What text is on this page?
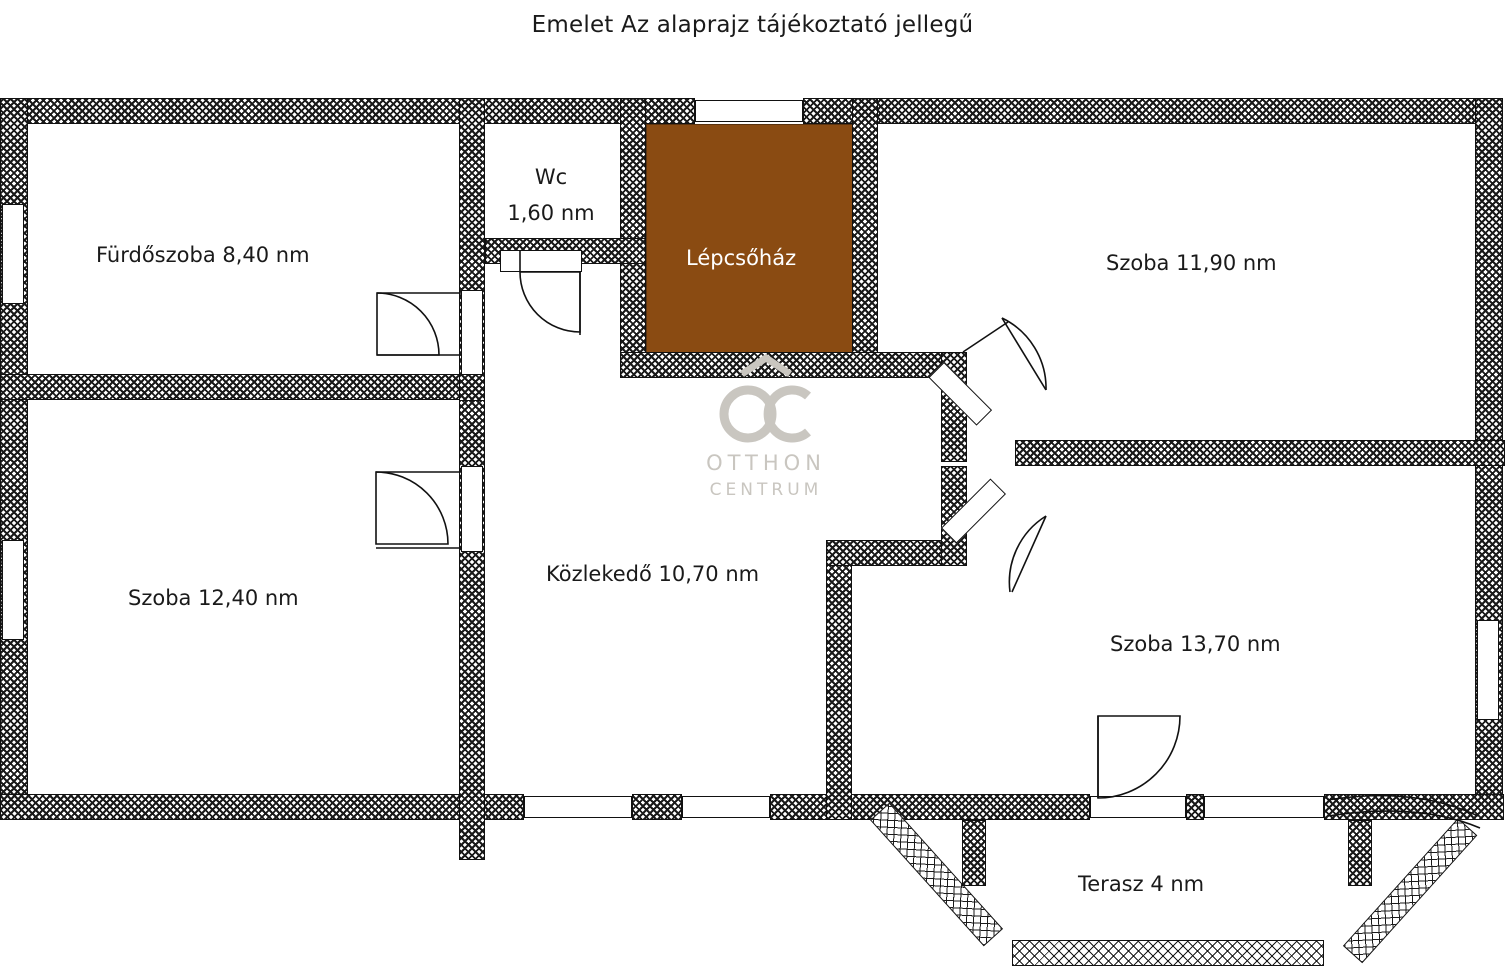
Emelet Az alaprajz tájékoztató jellegű
OTTHON
CENTRUM
Fürdőszoba 8,40 nm
Wc
1,60 nm
Lépcsőház	Szoba 11,90 nm
Szoba 12,40 nm
Közlekedő 10,70 nm
Szoba 13,70 nm
Terasz 4 nm
